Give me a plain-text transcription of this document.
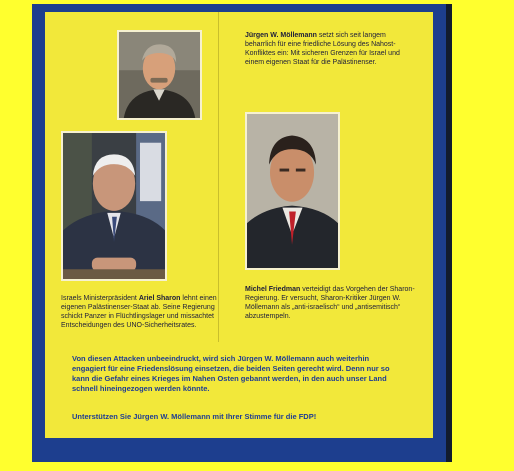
Jürgen W. Möllemann setzt sich seit langem beharrlich für eine friedliche Lösung des Nahost-Konfliktes ein: Mit sicheren Grenzen für Israel und einem eigenen Staat für die Palästinenser.
Israels Ministerpräsident Ariel Sharon lehnt einen eigenen Palästinenser-Staat ab. Seine Regierung schickt Panzer in Flüchtlingslager und missachtet Entscheidungen des UNO-Sicherheitsrates.
Michel Friedman verteidigt das Vorgehen der Sharon-Regierung. Er versucht, Sharon-Kritiker Jürgen W. Möllemann als „anti-israelisch“ und „antisemitisch“ abzustempeln.
Von diesen Attacken unbeeindruckt, wird sich Jürgen W. Möllemann auch weiterhin engagiert für eine Friedenslösung einsetzen, die beiden Seiten gerecht wird. Denn nur so kann die Gefahr eines Krieges im Nahen Osten gebannt werden, in den auch unser Land schnell hineingezogen werden könnte.
Unterstützen Sie Jürgen W. Möllemann mit Ihrer Stimme für die FDP!
